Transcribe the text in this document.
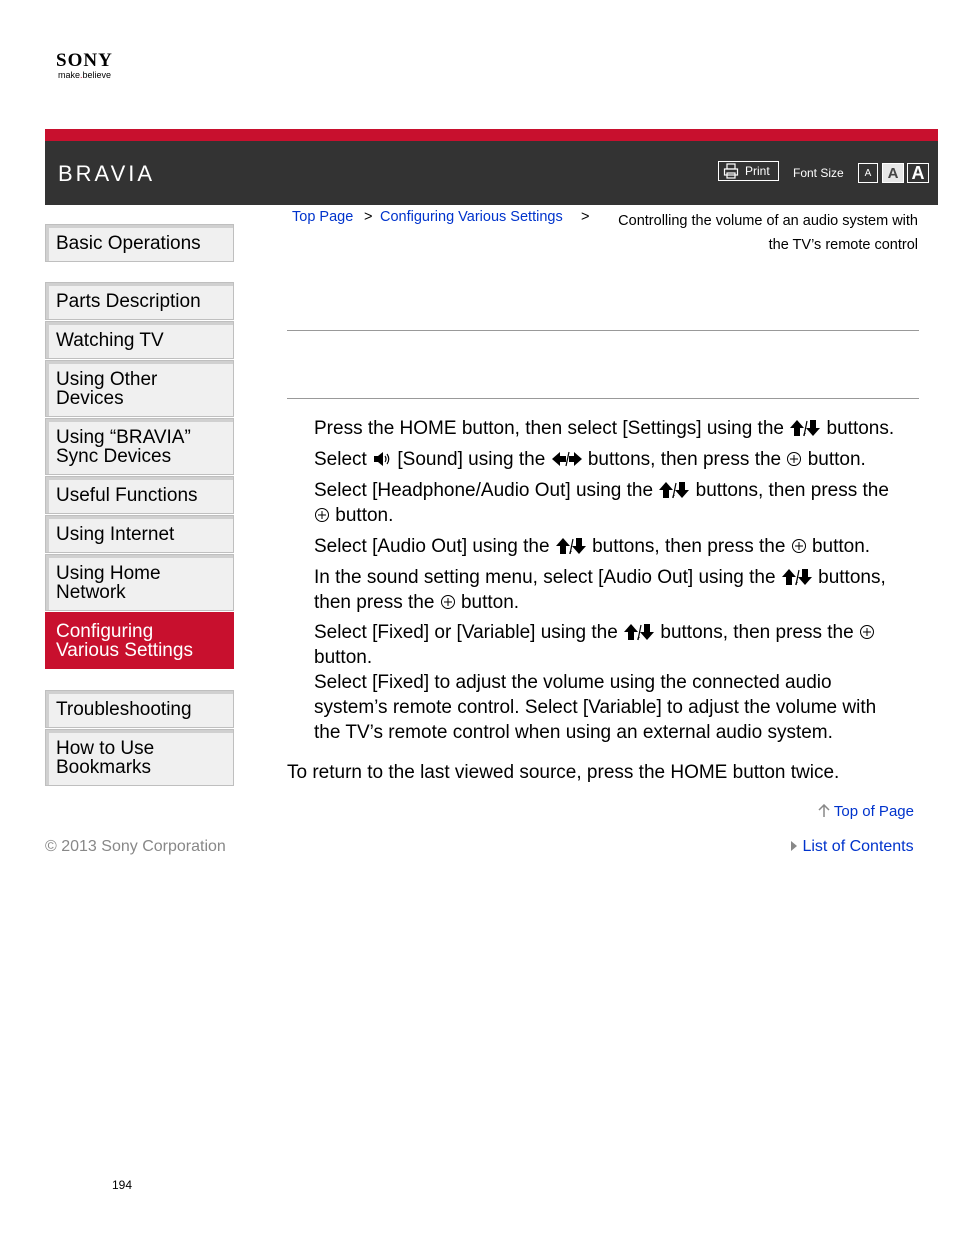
SONY
make.believe
BRAVIA	Print Font Size	A	A A
Top Page > Configuring Various Settings >	Controlling the volume of an audio system with
the TV’s remote control
Basic Operations
Parts Description
Watching TV
Using Other
Devices
Using “BRAVIA”
Sync Devices
Useful Functions
Using Internet
Using Home
Network
Configuring
Various Settings
Troubleshooting
How to Use
Bookmarks
Press the HOME button, then select [Settings] using the buttons.
Select [Sound] using the buttons, then press the button.
Select [Headphone/Audio Out] using the buttons, then press the
button.
Select [Audio Out] using the buttons, then press the button.
In the sound setting menu, select [Audio Out] using the buttons,
then press the button.
Select [Fixed] or [Variable] using the buttons, then press the
button.
Select [Fixed] to adjust the volume using the connected audio system’s remote control. Select [Variable] to adjust the volume with the TV’s remote control when using an external audio system.
To return to the last viewed source, press the HOME button twice.
Top of Page
List of Contents
© 2013 Sony Corporation
194
